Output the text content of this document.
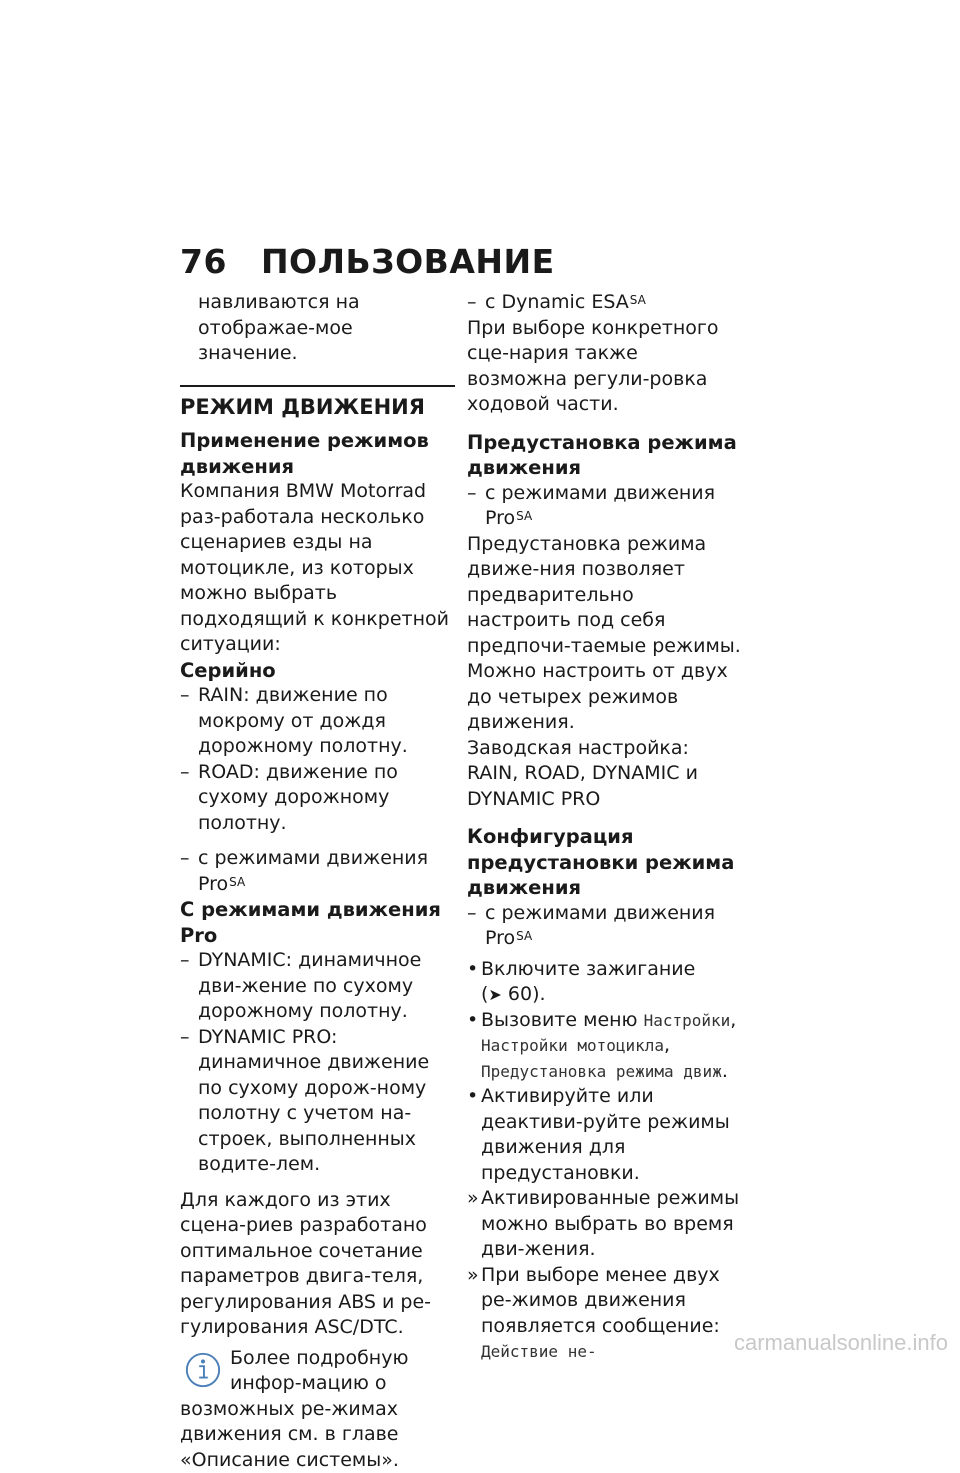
76 ПОЛЬЗОВАНИЕ

навливаются на отображае-мое значение.

РЕЖИМ ДВИЖЕНИЯ

Применение режимов движения

Компания BMW Motorrad раз-работала несколько сценариев езды на мотоцикле, из которых можно выбрать подходящий к конкретной ситуации:

Серийно

– RAIN: движение по мокрому от дождя дорожному полотну.

– ROAD: движение по сухому дорожному полотну.

– с режимами движения Pro$^{SA}$

С режимами движения Pro

– DYNAMIC: динамичное дви-жение по сухому дорожному полотну.

– DYNAMIC PRO: динамичное движение по сухому дорож-ному полотну с учетом на-строек, выполненных водите-лем.

Для каждого из этих сцена-риев разработано оптимальное сочетание параметров двига-теля, регулирования ABS и ре-гулирования ASC/DTC.

Более подробную инфор-мацию о возможных ре-жимах движения см. в главе «Описание системы».

– с Dynamic $ESA^{SA}$

При выборе конкретного сце-нария также возможна регули-ровка ходовой части.

Предустановка режима движения

– с режимами движения Pro$^{SA}$

Предустановка режима движе-ния позволяет предварительно настроить под себя предпочи-таемые режимы.

Можно настроить от двух до четырех режимов движения.

Заводская настройка:

RAIN, ROAD, DYNAMIC и DYNAMIC PRO

Конфигурация предустановки режима движения

– с режимами движения Pro$^{SA}$

• Включите зажигание (➤ 60).

• Вызовите меню Настройки, Настройки мотоцикла, Предустановка режима движ.

• Активируйте или деактиви-руйте режимы движения для предустановки.

» Активированные режимы можно выбрать во время дви-жения.

» При выборе менее двух ре-жимов движения появляется сообщение: Действие не-	carmanualsonline.info
